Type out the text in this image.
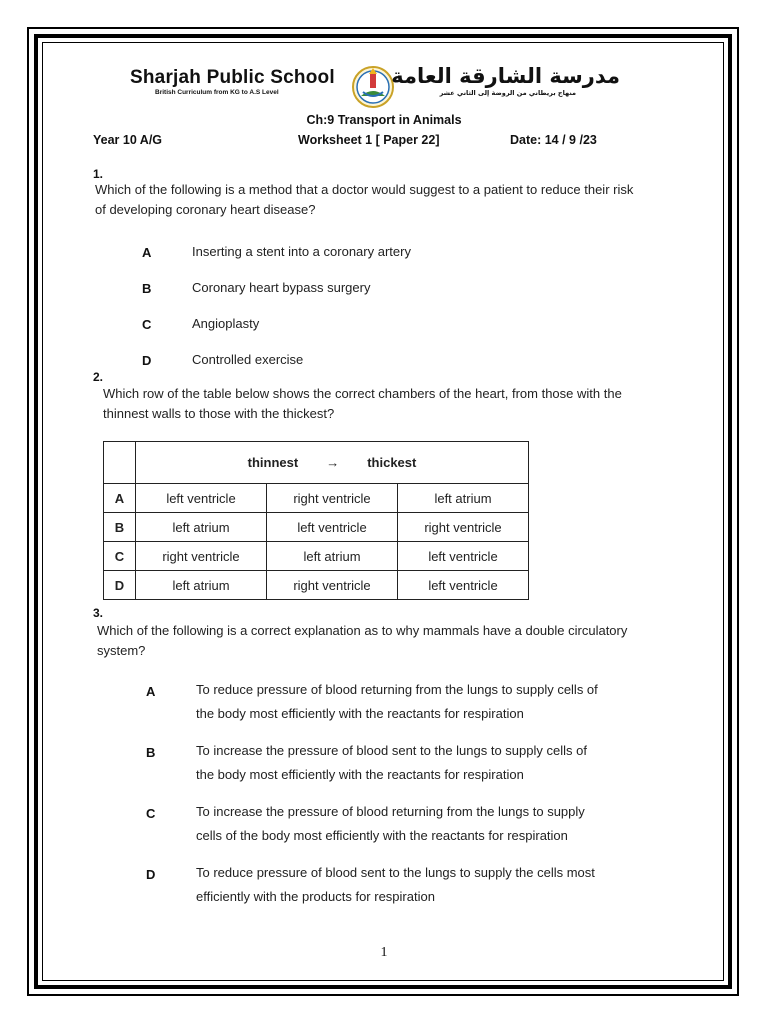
Sharjah Public School
British Curriculum from KG to A.S Level
مدرسة الشارقة العامة
منهاج بريطاني من الروضة إلى الثاني عشر
Ch:9 Transport in Animals
Year 10 A/G	Worksheet 1 [ Paper 22]	Date: 14 / 9 /23
1.
Which of the following is a method that a doctor would suggest to a patient to reduce their risk
of developing coronary heart disease?
A	Inserting a stent into a coronary artery
B	Coronary heart bypass surgery
C	Angioplasty
D	Controlled exercise
2.
Which row of the table below shows the correct chambers of the heart, from those with the
thinnest walls to those with the thickest?

	thinnest → thickest		

A	left ventricle	right ventricle	left atrium
B	left atrium	left ventricle	right ventricle
C	right ventricle	left atrium	left ventricle
D	left atrium	right ventricle	left ventricle
3.
Which of the following is a correct explanation as to why mammals have a double circulatory
system?
A	To reduce pressure of blood returning from the lungs to supply cells of
the body most efficiently with the reactants for respiration
B	To increase the pressure of blood sent to the lungs to supply cells of
the body most efficiently with the reactants for respiration
C	To increase the pressure of blood returning from the lungs to supply
cells of the body most efficiently with the reactants for respiration
D	To reduce pressure of blood sent to the lungs to supply the cells most
efficiently with the products for respiration
1
